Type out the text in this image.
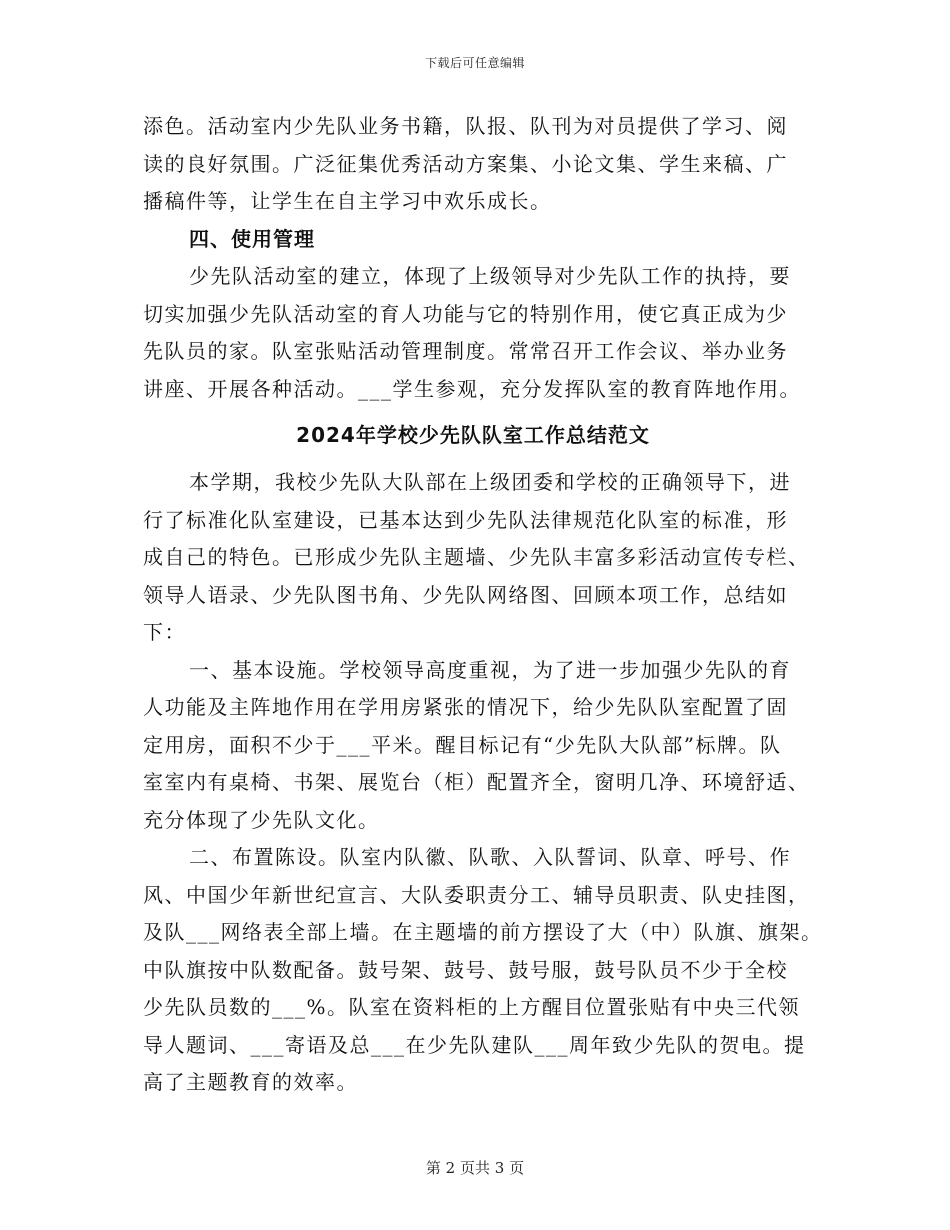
下载后可任意编辑
添色。活动室内少先队业务书籍，队报、队刊为对员提供了学习、阅
读的良好氛围。广泛征集优秀活动方案集、小论文集、学生来稿、广
播稿件等，让学生在自主学习中欢乐成长。
四、使用管理
少先队活动室的建立，体现了上级领导对少先队工作的执持，要
切实加强少先队活动室的育人功能与它的特别作用，使它真正成为少
先队员的家。队室张贴活动管理制度。常常召开工作会议、举办业务
讲座、开展各种活动。___学生参观，充分发挥队室的教育阵地作用。
2024年学校少先队队室工作总结范文
本学期，我校少先队大队部在上级团委和学校的正确领导下，进
行了标准化队室建设，已基本达到少先队法律规范化队室的标准，形
成自己的特色。已形成少先队主题墙、少先队丰富多彩活动宣传专栏、
领导人语录、少先队图书角、少先队网络图、回顾本项工作，总结如
下：
一、基本设施。学校领导高度重视，为了进一步加强少先队的育
人功能及主阵地作用在学用房紧张的情况下，给少先队队室配置了固
定用房，面积不少于___平米。醒目标记有“少先队大队部”标牌。队
室室内有桌椅、书架、展览台（柜）配置齐全，窗明几净、环境舒适、
充分体现了少先队文化。
二、布置陈设。队室内队徽、队歌、入队誓词、队章、呼号、作
风、中国少年新世纪宣言、大队委职责分工、辅导员职责、队史挂图，
及队___网络表全部上墙。在主题墙的前方摆设了大（中）队旗、旗架。
中队旗按中队数配备。鼓号架、鼓号、鼓号服，鼓号队员不少于全校
少先队员数的___%。队室在资料柜的上方醒目位置张贴有中央三代领
导人题词、___寄语及总___在少先队建队___周年致少先队的贺电。提
高了主题教育的效率。
第 2 页共 3 页
